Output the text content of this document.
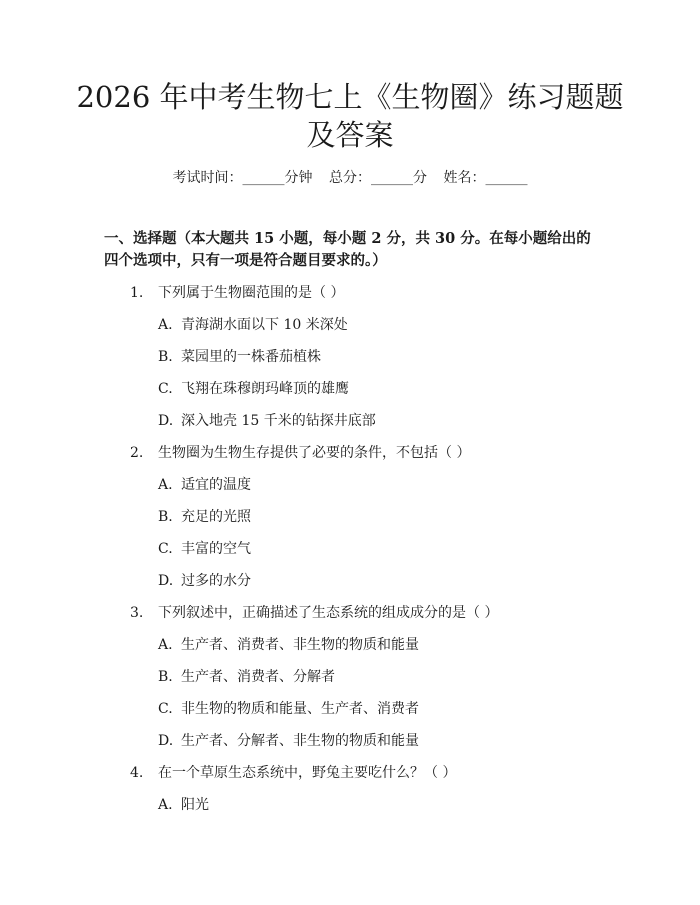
2026 年中考生物七上《生物圈》练习题题及答案
考试时间：______分钟 总分：______分 姓名：______

一、选择题（本大题共 15 小题，每小题 2 分，共 30 分。在每小题给出的四个选项中，只有一项是符合题目要求的。）

1. 下列属于生物圈范围的是（ ）
A. 青海湖水面以下 10 米深处
B. 菜园里的一株番茄植株
C. 飞翔在珠穆朗玛峰顶的雄鹰
D. 深入地壳 15 千米的钻探井底部
2. 生物圈为生物生存提供了必要的条件，不包括（ ）
A. 适宜的温度
B. 充足的光照
C. 丰富的空气
D. 过多的水分
3. 下列叙述中，正确描述了生态系统的组成成分的是（ ）
A. 生产者、消费者、非生物的物质和能量
B. 生产者、消费者、分解者
C. 非生物的物质和能量、生产者、消费者
D. 生产者、分解者、非生物的物质和能量
4. 在一个草原生态系统中，野兔主要吃什么？（ ）
A. 阳光
